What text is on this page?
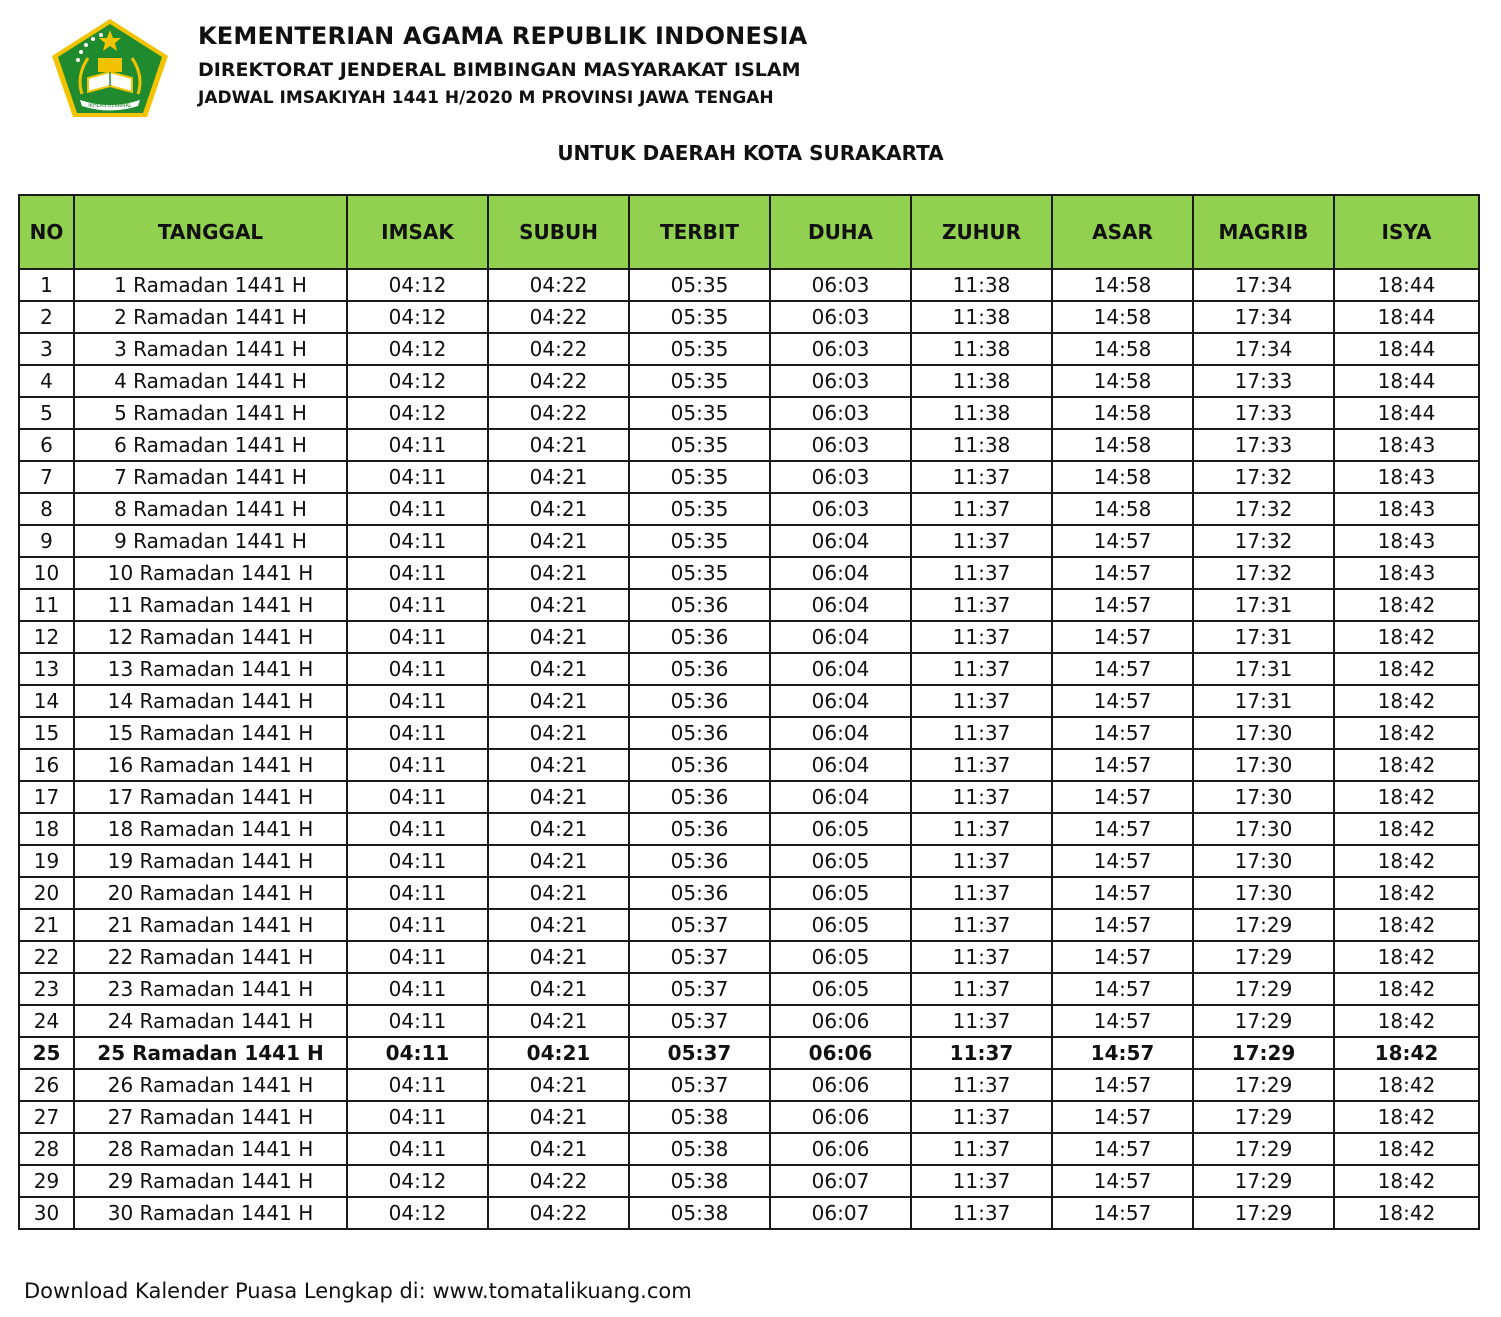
IKHLAS BERAMAL
KEMENTERIAN AGAMA REPUBLIK INDONESIA
DIREKTORAT JENDERAL BIMBINGAN MASYARAKAT ISLAM
JADWAL IMSAKIYAH 1441 H/2020 M PROVINSI JAWA TENGAH
UNTUK DAERAH KOTA SURAKARTA
NO	TANGGAL	IMSAK	SUBUH	TERBIT	DUHA	ZUHUR	ASAR	MAGRIB	ISYA
1	1 Ramadan 1441 H	04:12	04:22	05:35	06:03	11:38	14:58	17:34	18:44
2	2 Ramadan 1441 H	04:12	04:22	05:35	06:03	11:38	14:58	17:34	18:44
3	3 Ramadan 1441 H	04:12	04:22	05:35	06:03	11:38	14:58	17:34	18:44
4	4 Ramadan 1441 H	04:12	04:22	05:35	06:03	11:38	14:58	17:33	18:44
5	5 Ramadan 1441 H	04:12	04:22	05:35	06:03	11:38	14:58	17:33	18:44
6	6 Ramadan 1441 H	04:11	04:21	05:35	06:03	11:38	14:58	17:33	18:43
7	7 Ramadan 1441 H	04:11	04:21	05:35	06:03	11:37	14:58	17:32	18:43
8	8 Ramadan 1441 H	04:11	04:21	05:35	06:03	11:37	14:58	17:32	18:43
9	9 Ramadan 1441 H	04:11	04:21	05:35	06:04	11:37	14:57	17:32	18:43
10	10 Ramadan 1441 H	04:11	04:21	05:35	06:04	11:37	14:57	17:32	18:43
11	11 Ramadan 1441 H	04:11	04:21	05:36	06:04	11:37	14:57	17:31	18:42
12	12 Ramadan 1441 H	04:11	04:21	05:36	06:04	11:37	14:57	17:31	18:42
13	13 Ramadan 1441 H	04:11	04:21	05:36	06:04	11:37	14:57	17:31	18:42
14	14 Ramadan 1441 H	04:11	04:21	05:36	06:04	11:37	14:57	17:31	18:42
15	15 Ramadan 1441 H	04:11	04:21	05:36	06:04	11:37	14:57	17:30	18:42
16	16 Ramadan 1441 H	04:11	04:21	05:36	06:04	11:37	14:57	17:30	18:42
17	17 Ramadan 1441 H	04:11	04:21	05:36	06:04	11:37	14:57	17:30	18:42
18	18 Ramadan 1441 H	04:11	04:21	05:36	06:05	11:37	14:57	17:30	18:42
19	19 Ramadan 1441 H	04:11	04:21	05:36	06:05	11:37	14:57	17:30	18:42
20	20 Ramadan 1441 H	04:11	04:21	05:36	06:05	11:37	14:57	17:30	18:42
21	21 Ramadan 1441 H	04:11	04:21	05:37	06:05	11:37	14:57	17:29	18:42
22	22 Ramadan 1441 H	04:11	04:21	05:37	06:05	11:37	14:57	17:29	18:42
23	23 Ramadan 1441 H	04:11	04:21	05:37	06:05	11:37	14:57	17:29	18:42
24	24 Ramadan 1441 H	04:11	04:21	05:37	06:06	11:37	14:57	17:29	18:42
25	25 Ramadan 1441 H	04:11	04:21	05:37	06:06	11:37	14:57	17:29	18:42
26	26 Ramadan 1441 H	04:11	04:21	05:37	06:06	11:37	14:57	17:29	18:42
27	27 Ramadan 1441 H	04:11	04:21	05:38	06:06	11:37	14:57	17:29	18:42
28	28 Ramadan 1441 H	04:11	04:21	05:38	06:06	11:37	14:57	17:29	18:42
29	29 Ramadan 1441 H	04:12	04:22	05:38	06:07	11:37	14:57	17:29	18:42
30	30 Ramadan 1441 H	04:12	04:22	05:38	06:07	11:37	14:57	17:29	18:42
Download Kalender Puasa Lengkap di: www.tomatalikuang.com
